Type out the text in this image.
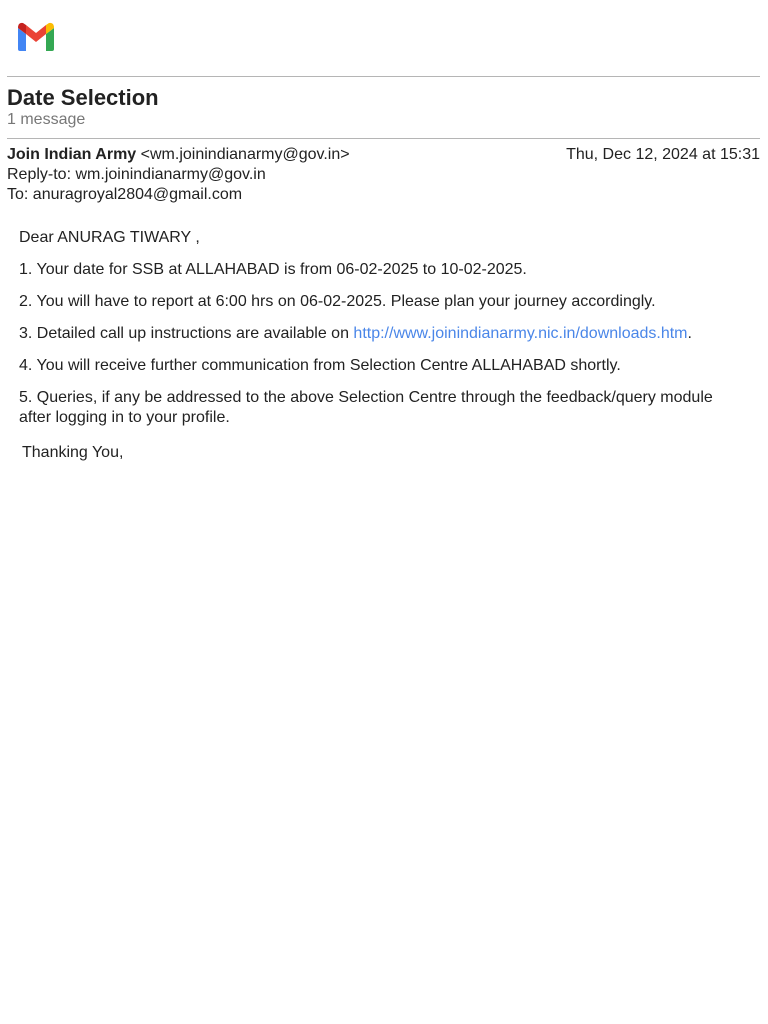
Date Selection
1 message
Join Indian Army <wm.joinindianarmy@gov.in>	Thu, Dec 12, 2024 at 15:31
Reply-to: wm.joinindianarmy@gov.in
To: anuragroyal2804@gmail.com

Dear ANURAG TIWARY ,

1. Your date for SSB at ALLAHABAD is from 06-02-2025 to 10-02-2025.

2. You will have to report at 6:00 hrs on 06-02-2025. Please plan your journey accordingly.

3. Detailed call up instructions are available on http://www.joinindianarmy.nic.in/downloads.htm.

4. You will receive further communication from Selection Centre ALLAHABAD shortly.

5. Queries, if any be addressed to the above Selection Centre through the feedback/query module after logging in to your profile.

Thanking You,
